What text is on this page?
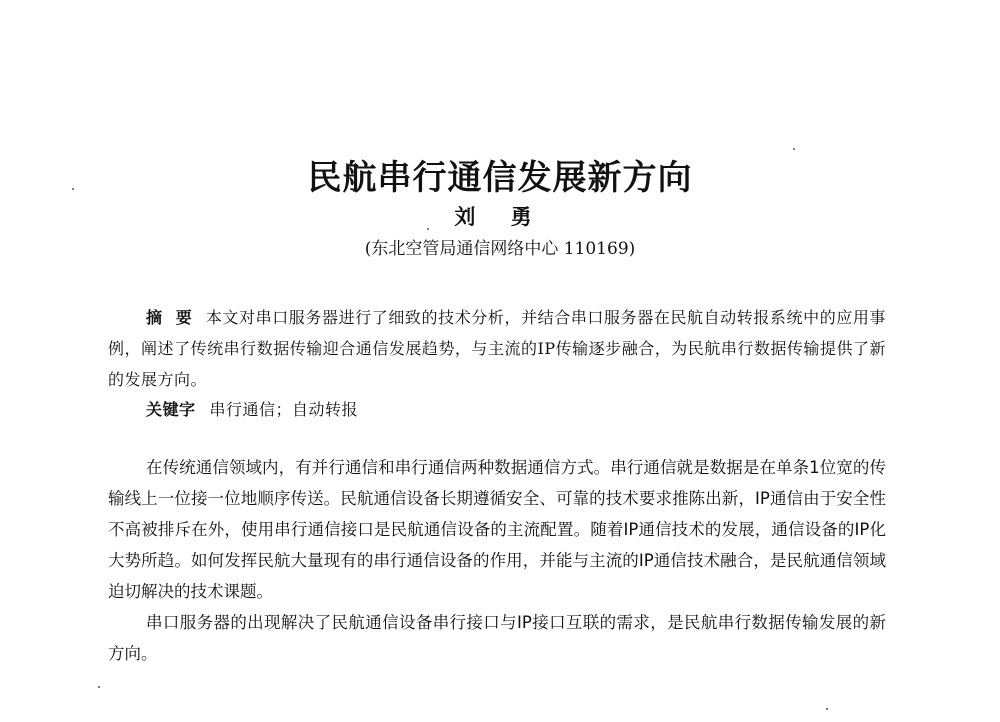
民航串行通信发展新方向
刘 勇
(东北空管局通信网络中心 110169)
摘 要 本文对串口服务器进行了细致的技术分析，并结合串口服务器在民航自动转报系统中的应用事例，阐述了传统串行数据传输迎合通信发展趋势，与主流的IP传输逐步融合，为民航串行数据传输提供了新的发展方向。
关键字 串行通信；自动转报

在传统通信领域内，有并行通信和串行通信两种数据通信方式。串行通信就是数据是在单条1位宽的传输线上一位接一位地顺序传送。民航通信设备长期遵循安全、可靠的技术要求推陈出新，IP通信由于安全性不高被排斥在外，使用串行通信接口是民航通信设备的主流配置。随着IP通信技术的发展，通信设备的IP化大势所趋。如何发挥民航大量现有的串行通信设备的作用，并能与主流的IP通信技术融合，是民航通信领域迫切解决的技术课题。

串口服务器的出现解决了民航通信设备串行接口与IP接口互联的需求，是民航串行数据传输发展的新方向。
